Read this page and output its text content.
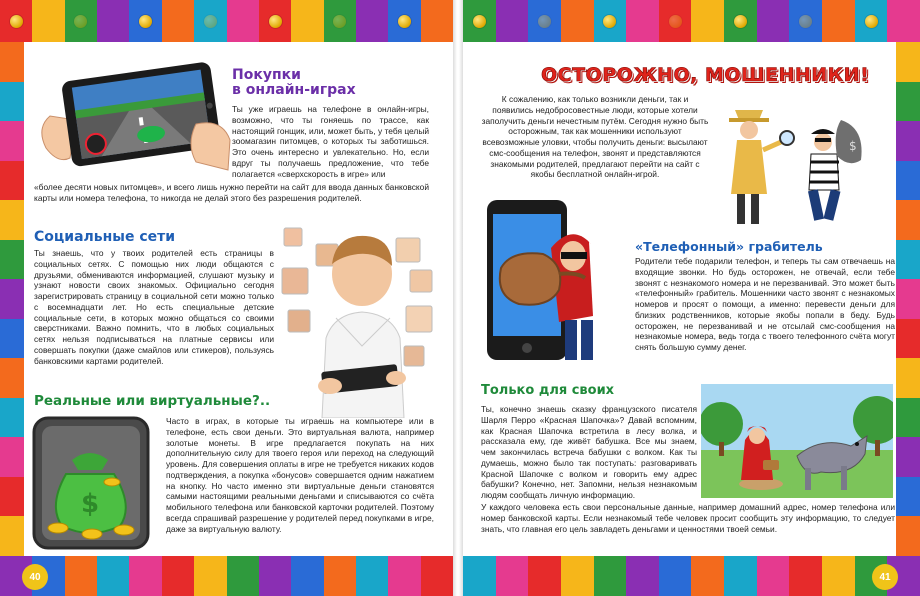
Покупки
в онлайн-играх
Ты уже играешь на телефоне в онлайн-игры, возможно, что ты гоняешь по трассе, как настоящий гонщик, или, может быть, у тебя целый зоомагазин питомцев, о которых ты заботишься. Это очень интересно и увлекательно. Но, если вдруг ты получаешь предложение, что тебе полагается «сверхскорость в игре» или
«более десяти новых питомцев», и всего лишь нужно перейти на сайт для ввода данных банковской карты или номера телефона, то никогда не делай этого без разрешения родителей.
Социальные сети
Ты знаешь, что у твоих родителей есть страницы в социальных сетях. С помощью них люди общаются с друзьями, обмениваются информацией, слушают музыку и узнают новости своих знакомых. Официально сегодня зарегистрировать страницу в социальной сети можно только с восемнадцати лет. Но есть специальные детские социальные сети, в которых можно общаться со своими сверстниками. Важно помнить, что в любых социальных сетях нельзя подписываться на платные сервисы или совершать покупки (даже смайлов или стикеров), пользуясь банковскими картами родителей.
Реальные или виртуальные?..
$
Часто в играх, в которые ты играешь на компьютере или в телефоне, есть свои деньги. Это виртуальная валюта, например золотые монеты. В игре предлагается покупать на них дополнительную силу для твоего героя или переход на следующий уровень. Для совершения оплаты в игре не требуется никаких кодов подтверждения, а покупка «бонусов» совершается одним нажатием на кнопку. Но часто именно эти виртуальные деньги становятся самыми настоящими реальными деньгами и списываются со счёта мобильного телефона или банковской карточки родителей. Поэтому всегда спрашивай разрешение у родителей перед покупками в игре, даже за виртуальную валюту.
40
ОСТОРОЖНО, МОШЕННИКИ!
К сожалению, как только возникли деньги, так и появились недобросовестные люди, которые хотели заполучить деньги нечестным путём. Сегодня нужно быть осторожным, так как мошенники используют всевозможные уловки, чтобы получить деньги: высылают смс-сообщения на телефон, звонят и представляются знакомыми родителей, предлагают перейти на сайт с якобы бесплатной онлайн-игрой.
$
«Телефонный» грабитель
Родители тебе подарили телефон, и теперь ты сам отвечаешь на входящие звонки. Но будь осторожен, не отвечай, если тебе звонят с незнакомого номера и не перезванивай. Это может быть «телефонный» грабитель. Мошенники часто звонят с незнакомых номеров и просят о помощи, а именно: перевести деньги для близких родственников, которые якобы попали в беду. Будь осторожен, не перезванивай и не отсылай смс-сообщения на незнакомые номера, ведь тогда с твоего телефонного счёта могут снять большую сумму денег.
Только для своих
Ты, конечно знаешь сказку французского писателя Шарля Перро «Красная Шапочка»? Давай вспомним, как Красная Шапочка встретила в лесу волка, и рассказала ему, где живёт бабушка. Все мы знаем, чем закончилась встреча бабушки с волком. Как ты думаешь, можно было так поступать: разговаривать Красной Шапочке с волком и говорить ему адрес бабушки? Конечно, нет. Запомни, нельзя незнакомым людям сообщать личную информацию.
У каждого человека есть свои персональные данные, например домашний адрес, номер телефона или номер банковской карты. Если незнакомый тебе человек просит сообщить эту информацию, то следует знать, что главная его цель завладеть деньгами и ценностями твоей семьи.
41
